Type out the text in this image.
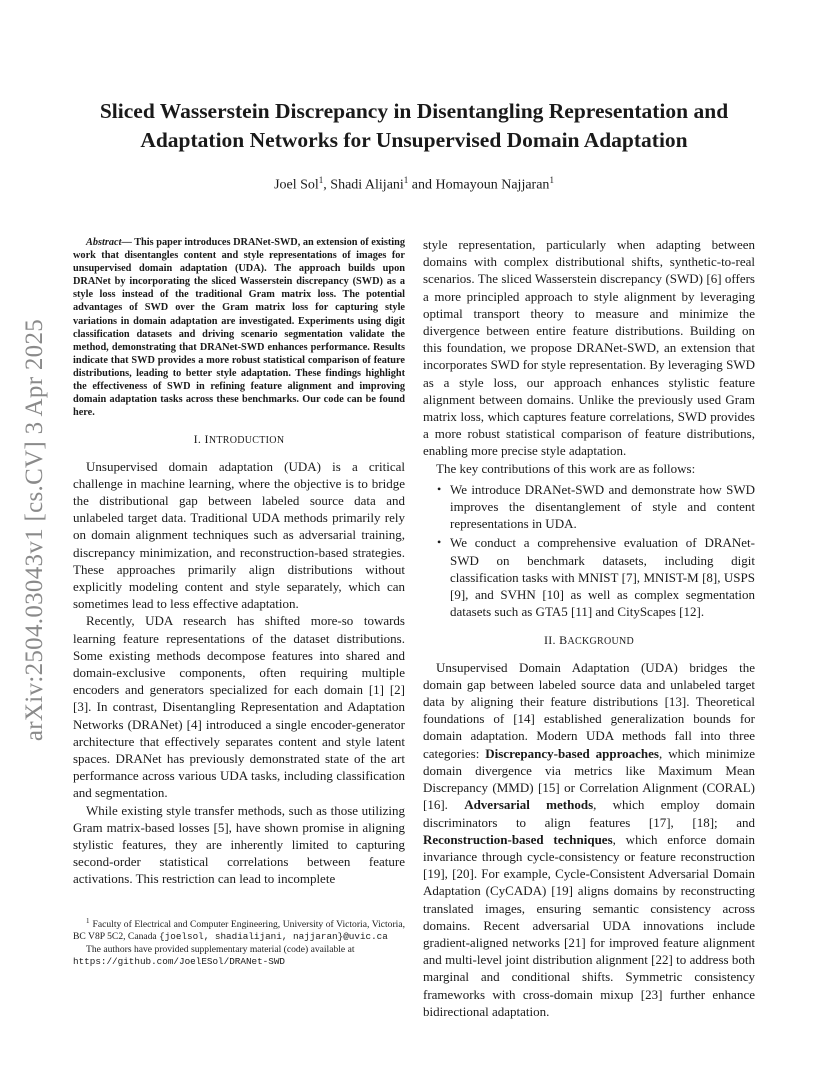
arXiv:2504.03043v1 [cs.CV] 3 Apr 2025
Sliced Wasserstein Discrepancy in Disentangling Representation and Adaptation Networks for Unsupervised Domain Adaptation

Joel Sol$^1$, Shadi Alijani$^1$ and Homayoun Najjaran$^1$

Abstract— This paper introduces DRANet-SWD, an extension of existing work that disentangles content and style representations of images for unsupervised domain adaptation (UDA). The approach builds upon DRANet by incorporating the sliced Wasserstein discrepancy (SWD) as a style loss instead of the traditional Gram matrix loss. The potential advantages of SWD over the Gram matrix loss for capturing style variations in domain adaptation are investigated. Experiments using digit classification datasets and driving scenario segmentation validate the method, demonstrating that DRANet-SWD enhances performance. Results indicate that SWD provides a more robust statistical comparison of feature distributions, leading to better style adaptation. These findings highlight the effectiveness of SWD in refining feature alignment and improving domain adaptation tasks across these benchmarks. Our code can be found here.

I. INTRODUCTION

Unsupervised domain adaptation (UDA) is a critical challenge in machine learning, where the objective is to bridge the distributional gap between labeled source data and unlabeled target data. Traditional UDA methods primarily rely on domain alignment techniques such as adversarial training, discrepancy minimization, and reconstruction-based strategies. These approaches primarily align distributions without explicitly modeling content and style separately, which can sometimes lead to less effective adaptation.

Recently, UDA research has shifted more-so towards learning feature representations of the dataset distributions. Some existing methods decompose features into shared and domain-exclusive components, often requiring multiple encoders and generators specialized for each domain [1] [2] [3]. In contrast, Disentangling Representation and Adaptation Networks (DRANet) [4] introduced a single encoder-generator architecture that effectively separates content and style latent spaces. DRANet has previously demonstrated state of the art performance across various UDA tasks, including classification and segmentation.

While existing style transfer methods, such as those utilizing Gram matrix-based losses [5], have shown promise in aligning stylistic features, they are inherently limited to capturing second-order statistical correlations between feature activations. This restriction can lead to incomplete

style representation, particularly when adapting between domains with complex distributional shifts, synthetic-to-real scenarios. The sliced Wasserstein discrepancy (SWD) [6] offers a more principled approach to style alignment by leveraging optimal transport theory to measure and minimize the divergence between entire feature distributions. Building on this foundation, we propose DRANet-SWD, an extension that incorporates SWD for style representation. By leveraging SWD as a style loss, our approach enhances stylistic feature alignment between domains. Unlike the previously used Gram matrix loss, which captures feature correlations, SWD provides a more robust statistical comparison of feature distributions, enabling more precise style adaptation.

The key contributions of this work are as follows:

• We introduce DRANet-SWD and demonstrate how SWD improves the disentanglement of style and content representations in UDA.
• We conduct a comprehensive evaluation of DRANet-SWD on benchmark datasets, including digit classification tasks with MNIST [7], MNIST-M [8], USPS [9], and SVHN [10] as well as complex segmentation datasets such as GTA5 [11] and CityScapes [12].

II. BACKGROUND

Unsupervised Domain Adaptation (UDA) bridges the domain gap between labeled source data and unlabeled target data by aligning their feature distributions [13]. Theoretical foundations of [14] established generalization bounds for domain adaptation. Modern UDA methods fall into three categories: Discrepancy-based approaches, which minimize domain divergence via metrics like Maximum Mean Discrepancy (MMD) [15] or Correlation Alignment (CORAL) [16]. Adversarial methods, which employ domain discriminators to align features [17], [18]; and Reconstruction-based techniques, which enforce domain invariance through cycle-consistency or feature reconstruction [19], [20]. For example, Cycle-Consistent Adversarial Domain Adaptation (CyCADA) [19] aligns domains by reconstructing translated images, ensuring semantic consistency across domains. Recent adversarial UDA innovations include gradient-aligned networks [21] for improved feature alignment and multi-level joint distribution alignment [22] to address both marginal and conditional shifts. Symmetric consistency frameworks with cross-domain mixup [23] further enhance bidirectional adaptation.

$^1$ Faculty of Electrical and Computer Engineering, University of Victoria, Victoria, BC V8P 5C2, Canada {joelsol, shadialijani, najjaran}@uvic.ca

The authors have provided supplementary material (code) available at

https://github.com/JoelESol/DRANet-SWD
